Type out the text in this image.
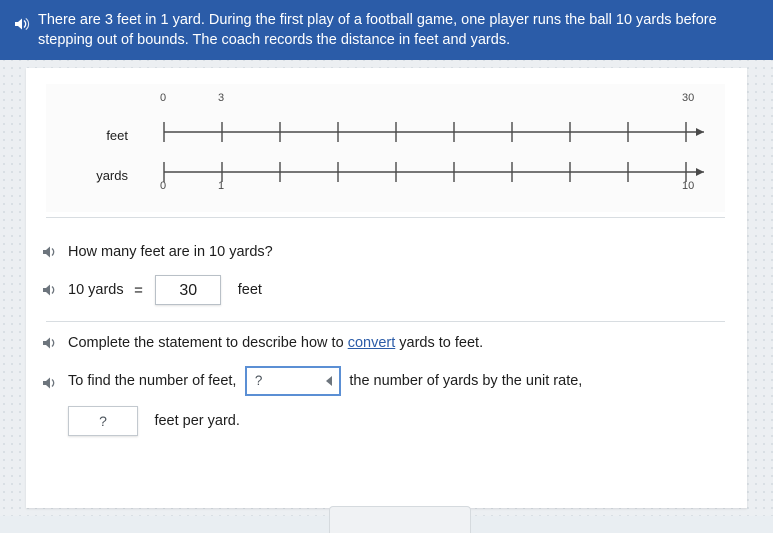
There are 3 feet in 1 yard. During the first play of a football game, one player runs the ball 10 yards before stepping out of bounds. The coach records the distance in feet and yards.
feet
yards
0	3	30
0	1	10
How many feet are in 10 yards?
10 yards = 30	feet
Complete the statement to describe how to convert yards to feet.
To find the number of feet, ?	the number of yards by the unit rate,
?	feet per yard.
